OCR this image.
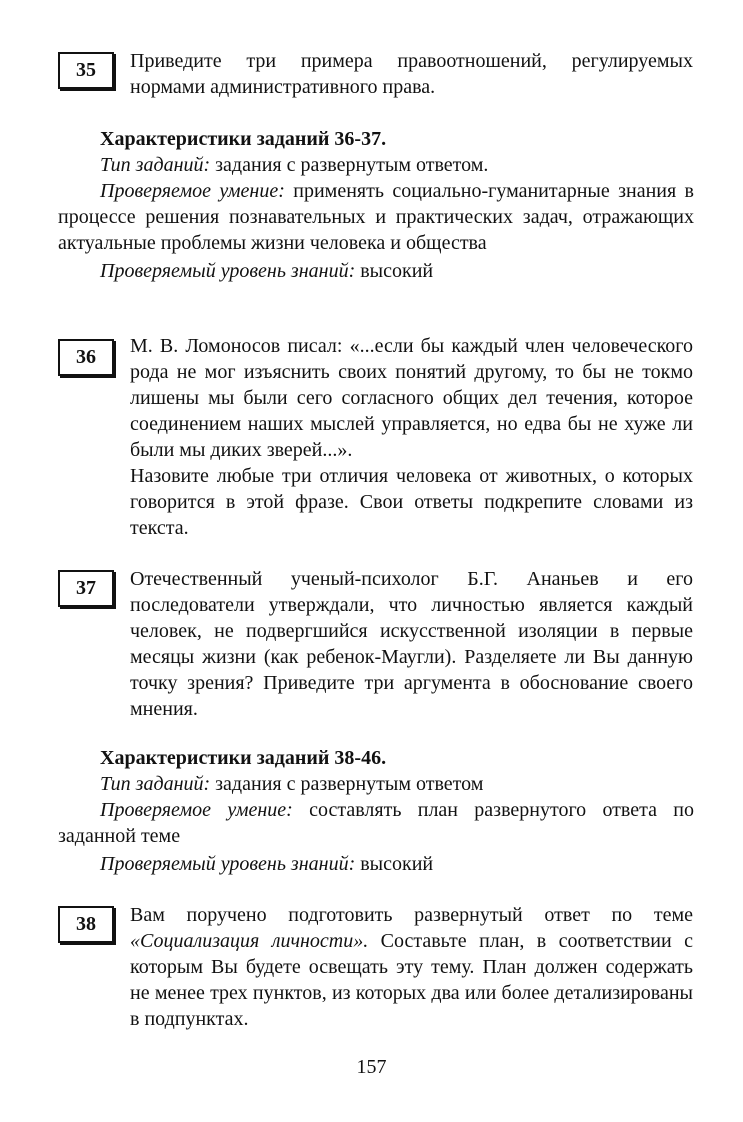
35	Приведите три примера правоотношений, регулируемых нормами административного права.
Характеристики заданий 36-37.
Тип заданий: задания с развернутым ответом.
Проверяемое умение: применять социально-гуманитарные знания в процессе решения познавательных и практических задач, отражающих актуальные проблемы жизни человека и общества
Проверяемый уровень знаний: высокий
36	М. В. Ломоносов писал: «...если бы каждый член человеческого рода не мог изъяснить своих понятий другому, то бы не токмо лишены мы были сего согласного общих дел течения, которое соединением наших мыслей управляется, но едва бы не хуже ли были мы диких зверей...».
Назовите любые три отличия человека от животных, о которых говорится в этой фразе. Свои ответы подкрепите словами из текста.
37	Отечественный ученый-психолог Б.Г. Ананьев и его последователи утверждали, что личностью является каждый человек, не подвергшийся искусственной изоляции в первые месяцы жизни (как ребенок-Маугли). Разделяете ли Вы данную точку зрения? Приведите три аргумента в обоснование своего мнения.
Характеристики заданий 38-46.
Тип заданий: задания с развернутым ответом
Проверяемое умение: составлять план развернутого ответа по заданной теме
Проверяемый уровень знаний: высокий
38	Вам поручено подготовить развернутый ответ по теме «Социализация личности». Составьте план, в соответствии с которым Вы будете освещать эту тему. План должен содержать не менее трех пунктов, из которых два или более детализированы в подпунктах.
157
